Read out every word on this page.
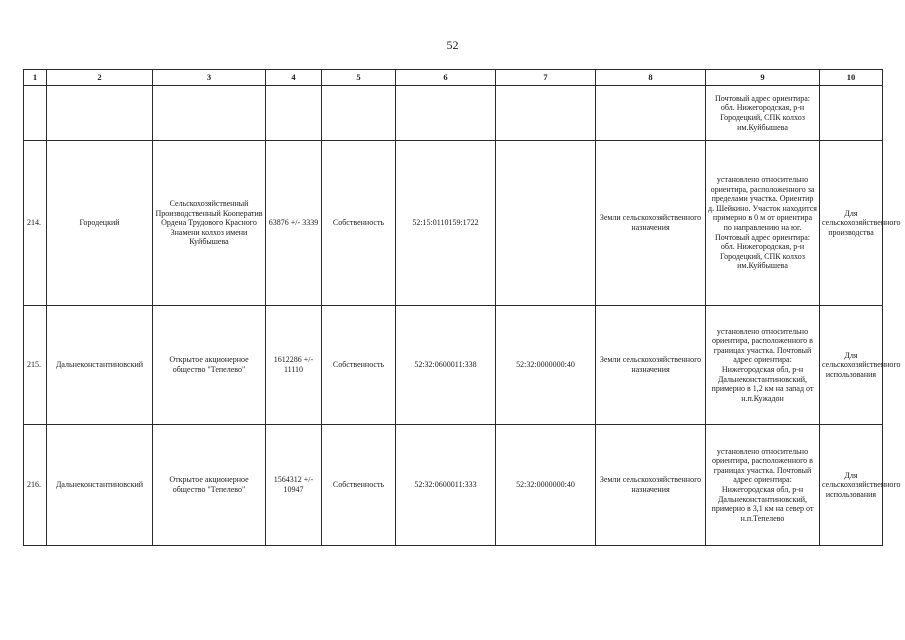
52
1	2	3	4	5	6	7	8	9	10
								Почтовый адрес ориентира: обл. Нижегородская, р-н Городецкий, СПК колхоз им.Куйбышева	
214.	Городецкий	Сельскохозяйственный Производственный Кооператив Ордена Трудового Красного Знамени колхоз имени Куйбышева	63876 +/- 3339	Собственность	52:15:0110159:1722		Земли сельскохозяйственного назначения	установлено относительно ориентира, расположенного за пределами участка. Ориентир д. Шейкино. Участок находится примерно в 0 м от ориентира по направлению на юг. Почтовый адрес ориентира: обл. Нижегородская, р-н Городецкий, СПК колхоз им.Куйбышева	Для сельскохозяйственного производства
215.	Дальнеконстантиновский	Открытое акционерное общество "Тепелево"	1612286 +/- 11110	Собственность	52:32:0600011:338	52:32:0000000:40	Земли сельскохозяйственного назначения	установлено относительно ориентира, расположенного в границах участка. Почтовый адрес ориентира: Нижегородская обл, р-н Дальнеконстантиновский, примерно в 1,2 км на запад от н.п.Кужадон	Для сельскохозяйственного использования
216.	Дальнеконстантиновский	Открытое акционерное общество "Тепелево"	1564312 +/- 10947	Собственность	52:32:0600011:333	52:32:0000000:40	Земли сельскохозяйственного назначения	установлено относительно ориентира, расположенного в границах участка. Почтовый адрес ориентира: Нижегородская обл, р-н Дальнеконстантиновский, примерно в 3,1 км на север от н.п.Тепелево	Для сельскохозяйственного использования
